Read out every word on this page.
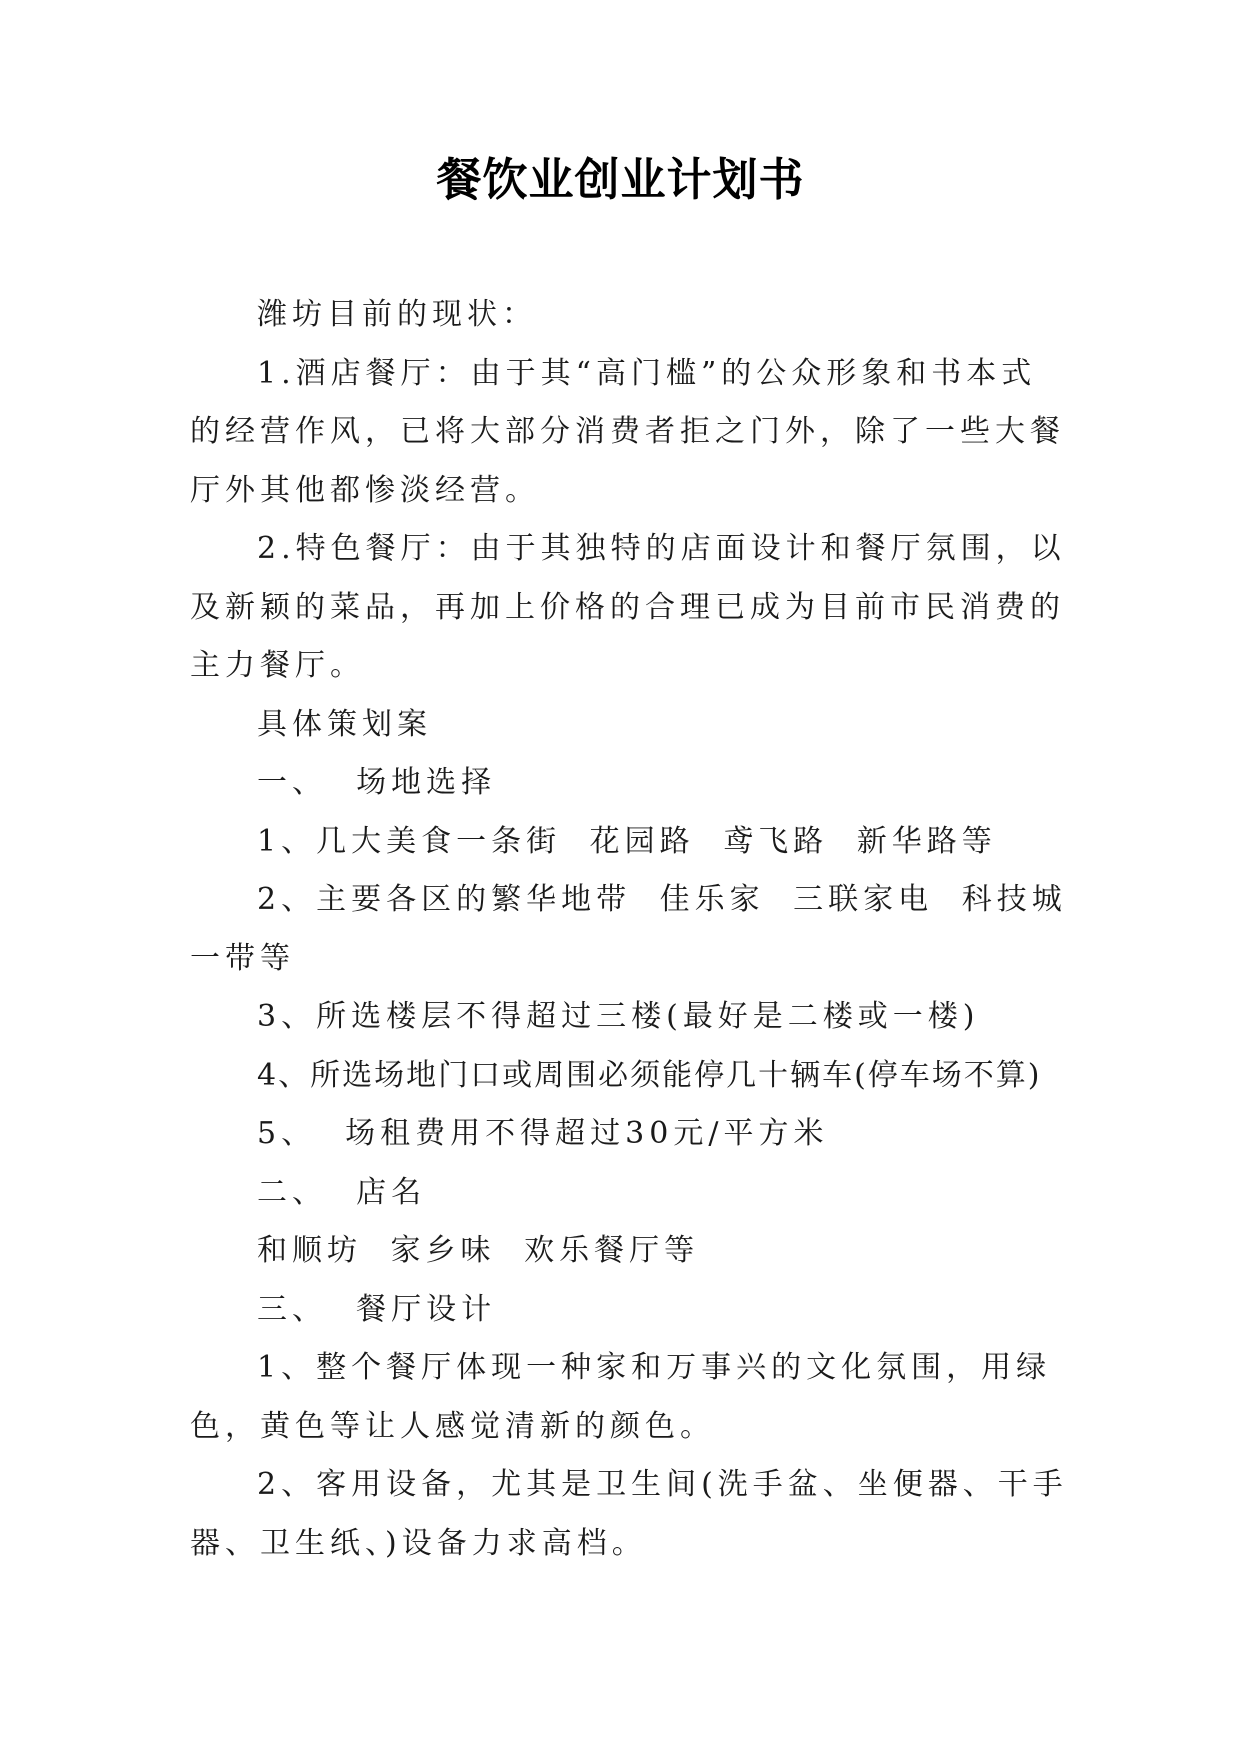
餐饮业创业计划书

潍坊目前的现状：

1.酒店餐厅：由于其“高门槛”的公众形象和书本式的经营作风，已将大部分消费者拒之门外，除了一些大餐厅外其他都惨淡经营。

2.特色餐厅：由于其独特的店面设计和餐厅氛围，以及新颖的菜品，再加上价格的合理已成为目前市民消费的主力餐厅。

具体策划案

一、  场地选择

1、几大美食一条街 花园路 鸢飞路 新华路等

2、主要各区的繁华地带 佳乐家 三联家电 科技城一带等

3、所选楼层不得超过三楼(最好是二楼或一楼)

4、所选场地门口或周围必须能停几十辆车(停车场不算)

5、  场租费用不得超过30元/平方米

二、  店名

和顺坊 家乡味 欢乐餐厅等

三、  餐厅设计

1、整个餐厅体现一种家和万事兴的文化氛围，用绿色，黄色等让人感觉清新的颜色。

2、客用设备，尤其是卫生间(洗手盆、坐便器、干手器、卫生纸、)设备力求高档。
